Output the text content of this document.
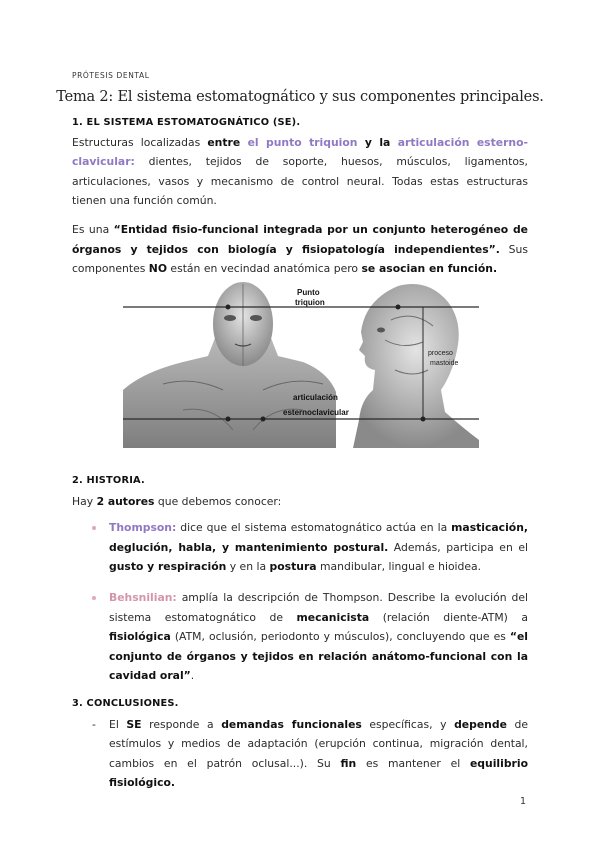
PRÓTESIS DENTAL
Tema 2: El sistema estomatognático y sus componentes principales.
1. EL SISTEMA ESTOMATOGNÁTICO (SE).

Estructuras localizadas entre el punto triquion y la articulación esterno-clavicular: dientes, tejidos de soporte, huesos, músculos, ligamentos, articulaciones, vasos y mecanismo de control neural. Todas estas estructuras tienen una función común.

Es una “Entidad fisio-funcional integrada por un conjunto heterogéneo de órganos y tejidos con biología y fisiopatología independientes”. Sus componentes NO están en vecindad anatómica pero se asocian en función.

Punto
triquion
proceso
mastoide
articulación
esternoclavicular
2. HISTORIA.

Hay 2 autores que debemos conocer:

Thompson: dice que el sistema estomatognático actúa en la masticación, deglución, habla, y mantenimiento postural. Además, participa en el gusto y respiración y en la postura mandibular, lingual e hioidea.
Behsnilian: amplía la descripción de Thompson. Describe la evolución del sistema estomatognático de mecanicista (relación diente-ATM) a fisiológica (ATM, oclusión, periodonto y músculos), concluyendo que es “el conjunto de órganos y tejidos en relación anátomo-funcional con la cavidad oral”.
3. CONCLUSIONES.
- El SE responde a demandas funcionales específicas, y depende de estímulos y medios de adaptación (erupción continua, migración dental, cambios en el patrón oclusal...). Su fin es mantener el equilibrio fisiológico.
1
